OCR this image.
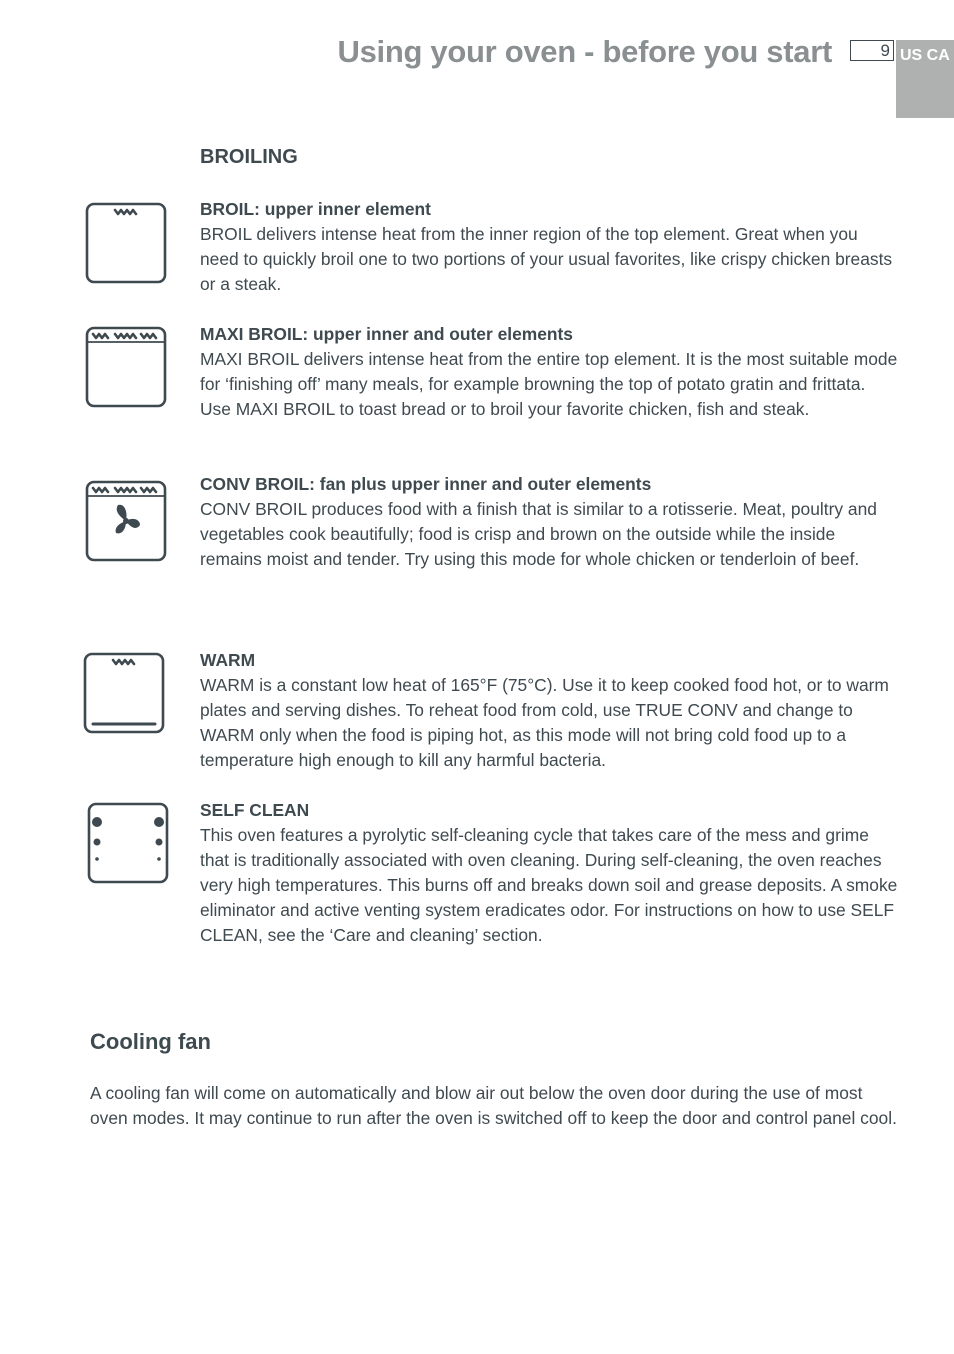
Using your oven - before you start	9 US CA
BROILING
BROIL: upper inner element
BROIL delivers intense heat from the inner region of the top element. Great when you need to quickly broil one to two portions of your usual favorites, like crispy chicken breasts or a steak.
MAXI BROIL: upper inner and outer elements
MAXI BROIL delivers intense heat from the entire top element. It is the most suitable mode for ‘finishing off’ many meals, for example browning the top of potato gratin and frittata. Use MAXI BROIL to toast bread or to broil your favorite chicken, fish and steak.
CONV BROIL: fan plus upper inner and outer elements
CONV BROIL produces food with a finish that is similar to a rotisserie. Meat, poultry and vegetables cook beautifully; food is crisp and brown on the outside while the inside remains moist and tender. Try using this mode for whole chicken or tenderloin of beef.
WARM
WARM is a constant low heat of 165°F (75°C). Use it to keep cooked food hot, or to warm plates and serving dishes. To reheat food from cold, use TRUE CONV and change to WARM only when the food is piping hot, as this mode will not bring cold food up to a temperature high enough to kill any harmful bacteria.
SELF CLEAN
This oven features a pyrolytic self-cleaning cycle that takes care of the mess and grime that is traditionally associated with oven cleaning. During self-cleaning, the oven reaches very high temperatures. This burns off and breaks down soil and grease deposits. A smoke eliminator and active venting system eradicates odor. For instructions on how to use SELF CLEAN, see the ‘Care and cleaning’ section.
Cooling fan
A cooling fan will come on automatically and blow air out below the oven door during the use of most oven modes. It may continue to run after the oven is switched off to keep the door and control panel cool.
